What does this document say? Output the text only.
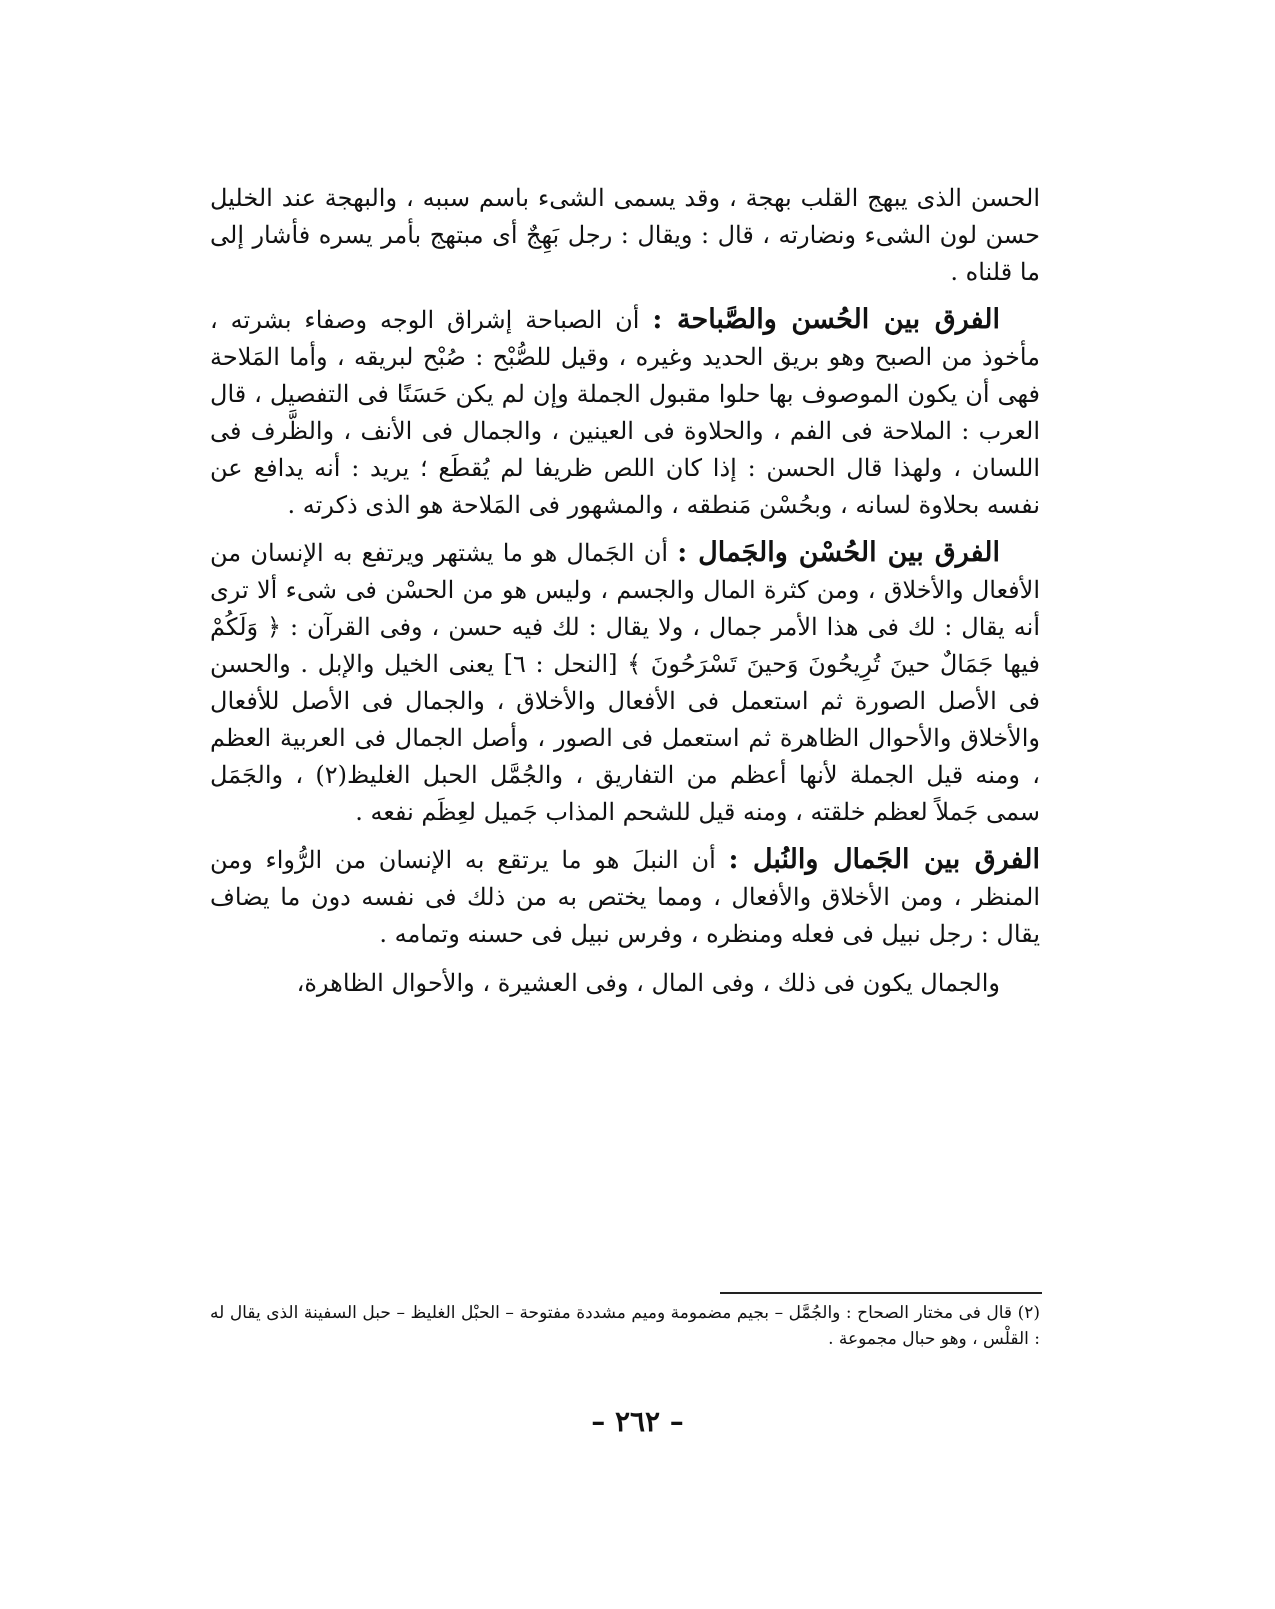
الحسن الذى يبهج القلب بهجة ، وقد يسمى الشىء باسم سببه ، والبهجة عند الخليل حسن لون الشىء ونضارته ، قال : ويقال : رجل بَهِجٌ أى مبتهج بأمر يسره فأشار إلى ما قلناه .

الفرق بين الحُسن والصَّباحة : أن الصباحة إشراق الوجه وصفاء بشرته ، مأخوذ من الصبح وهو بريق الحديد وغيره ، وقيل للصُّبْح : صُبْح لبريقه ، وأما المَلاحة فهى أن يكون الموصوف بها حلوا مقبول الجملة وإن لم يكن حَسَنًا فى التفصيل ، قال العرب : الملاحة فى الفم ، والحلاوة فى العينين ، والجمال فى الأنف ، والظَّرف فى اللسان ، ولهذا قال الحسن : إذا كان اللص ظريفا لم يُقطَع ؛ يريد : أنه يدافع عن نفسه بحلاوة لسانه ، وبحُسْن مَنطقه ، والمشهور فى المَلاحة هو الذى ذكرته .

الفرق بين الحُسْن والجَمال : أن الجَمال هو ما يشتهر ويرتفع به الإنسان من الأفعال والأخلاق ، ومن كثرة المال والجسم ، وليس هو من الحسْن فى شىء ألا ترى أنه يقال : لك فى هذا الأمر جمال ، ولا يقال : لك فيه حسن ، وفى القرآن : ﴿ وَلَكُمْ فيها جَمَالٌ حينَ تُرِيحُونَ وَحينَ تَسْرَحُونَ ﴾ [النحل : ٦] يعنى الخيل والإبل . والحسن فى الأصل الصورة ثم استعمل فى الأفعال والأخلاق ، والجمال فى الأصل للأفعال والأخلاق والأحوال الظاهرة ثم استعمل فى الصور ، وأصل الجمال فى العربية العظم ، ومنه قيل الجملة لأنها أعظم من التفاريق ، والجُمَّل الحبل الغليظ(٢) ، والجَمَل سمى جَملاً لعظم خلقته ، ومنه قيل للشحم المذاب جَميل لعِظَم نفعه .

الفرق بين الجَمال والنُبل : أن النبلَ هو ما يرتقع به الإنسان من الرُّواء ومن المنظر ، ومن الأخلاق والأفعال ، ومما يختص به من ذلك فى نفسه دون ما يضاف يقال : رجل نبيل فى فعله ومنظره ، وفرس نبيل فى حسنه وتمامه .

والجمال يكون فى ذلك ، وفى المال ، وفى العشيرة ، والأحوال الظاهرة،

(٢) قال فى مختار الصحاح : والجُمَّل – بجيم مضمومة وميم مشددة مفتوحة – الحبْل الغليظ – حبل السفينة الذى يقال له : القلْس ، وهو حبال مجموعة .
– ٢٦٢ –
